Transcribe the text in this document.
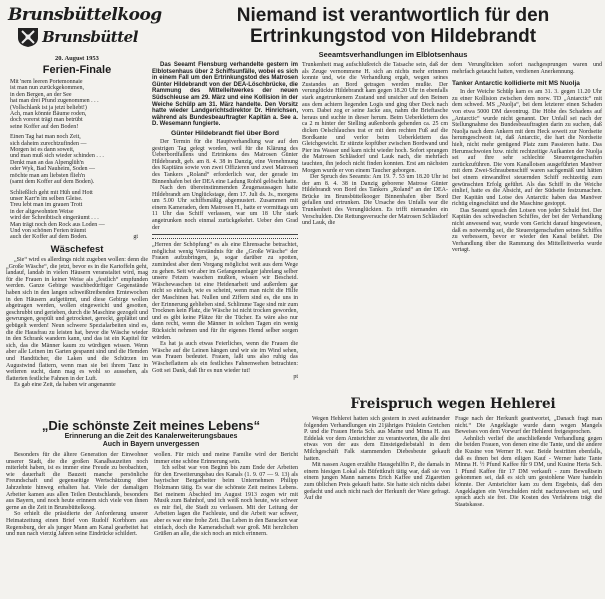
Brunsbüttelkoog
Brunsbüttel
20. August 1953
Ferien-Finale
Mit 'nem leeren Portemonnaie
ist man nun zurückgekommen,
in den Bergen, an der See
hat man drei Pfund zugenommen . . .
(Vollschlank ist ja jetzt beliebt!)
Ach, man könnte Bäume roden,
doch vorerst trägt man betrübt
seine Koffer auf den Boden!
Einen Tag hat man noch Zeit,
sich daheim zurechtzufinden —
Morgen ist es dann soweit,
und man muß sich wieder schinden . . .
Denkt man an das Alpenglüh'n
oder Wyk, Bad Nauheim, Soden —
möchte man am liebsten flieh'n
(samt dem Koffer auf dem Boden).
Schließlich geht mit Hüh und Hott
unser Karr'n im selben Gleise.
Treu lebt man im grauen Trott
in der altgewohnten Weise
wird der Schreibtisch eingeräumt . . .
Man trägt noch den Rock aus Loden —
Und von schönen Ferien träumt
auch der Koffer auf dem Boden.	gt
Wäschefest

„Sie“ wird es allerdings nicht zugeben wollen: denn die „Große Wäsche“, die jetzt, bevor es in die Kartoffeln geht, landauf, landab in vielen Häusern veranstaltet wird, mag für die Frauen in keiner Weise als „festlich“ empfunden werden. Ganze Gebirge waschbedürftiger Gegenstände haben sich in den langen schweißtreibenden Erntewochen in den Häusern aufgetürmt, und diese Gebirge wollen abgetragen werden, wollen eingeweicht und gesotten, geschrubbt und gerieben, durch die Maschine gezogelt und gewrungen, gespült und getrocknet, gereckt, geplättet und gebügelt werden! Neun schwere Spezialarbeiten sind es, die die Hausfrau zu leisten hat, bevor die Wäsche wieder in den Schrank wandern kann, und das ist ein Kapitel für sich, das die Männer kaum zu würdigen wissen. Wenn aber alle Leinen im Garten gespannt sind und die Hemden und Handtücher, die Laken und die Schürzen im Augustwind flattern, wenn man sie bei ihrem Tanz in weiteren sucht, dann mag es wohl so aussehen, als flatterten festliche Fahnen in der Luft.

Es gab eine Zeit, da haben wir angenannte

Das Seeamt Flensburg verhandelte gestern im Elblotsenhaus über 2 Schiffsunfälle, wobei es sich in einem Fall um den Ertrinkungstod des Matrosen Günter Hildebrandt von der DEA-Löschbrücke, die Rammung des Mittelleitwerkes der neuen Südschleuse am 29. März und eine Kollision in der Weiche Schülp am 31. März handelte. Den Vorsitz hatte wieder Landgerichtsdirektor Dr. Hinrichsen, während als Bundesbeauftragter Kapitän a. See a. D. Wesemann fungierte.
Günter Hildebrandt fiel über Bord

Der Termin für die Hauptverhandlung war auf den gestrigen Tag gelegt worden, weil für die Klärung des Ueberbordfallens und Ertrinkens des Matrosen Günter Hildebrandt, geb. am 8. 4. 38 in Danzig, eine Vernehmung des Kapitäns sowie von zwei Offizieren und zwei Matrosen des Tankers „Roland“ erforderlich war, der gerade im Binnenhafen bei der DEA eine Ladung Rohöl gelöscht hatte.

Nach den übereinstimmenden Zeugenaussagen hatte Hildebrandt am Unglückstage, dem 17. Juli ds. Js., morgens um 5.00 Uhr schiffsmäßig abgemustert. Zusammen mit einem Kameraden, dem Matrosen H., hatte er vormittags um 11 Uhr das Schiff verlassen, war um 18 Uhr stark angetrunken noch einmal zurückgekehrt. Ueber den Grad der

„Herren der Schöpfung“ es als eine Ehrensache betrachtet, möglichst wenig Verständnis für die „Große Wäsche“ der Frauen aufzubringen, ja, sogar darüber zu spotten, zumindest aber dem Vorgang möglichst weit aus dem Wege zu gehen. Seit wir aber im Gefangenenlager jahrelang selber unsere Fetzen waschen mußten, wissen wir Bescheid. Wäschewaschen ist eine Heidenarbeit und außerdem gar nicht so einfach, wie es scheint, wenn man nicht die Hilfe der Maschinen hat. Nullen und Ziffern sind es, die uns in der Erinnerung geblieben sind. Schlimme Tage sind mir zum Trocknen kein Platz, die Wäsche ist nicht trocken geworden, und es gibt keine Plätze für die Tücher. Es wäre also nur dann recht, wenn die Männer in solchen Tagen ein wenig Rücksicht nehmen und für ihr eigenes Hemd selber sorgen würden.

Es hat ja auch etwas Feierliches, wenn die Frauen die Wäsche auf die Leinen hängen und wir sie im Wind sehen, was Frauen bedeutet. Frauen, laßt uns also ruhig das Wäscheflattern als ein festliches Fahnenwehen betrachten: Gott sei Dank, daß Ihr es nun wieder tut!

pt
Niemand ist verantwortlich für den
Ertrinkungstod von Hildebrandt
Seeamtsverhandlungen im Elblotsenhaus

Trunkenheit mag aufschlußreich die Tatsache sein, daß der als Zeuge vernommene H. sich an nichts mehr erinnern konnte und, wie die Verhandlung ergab, wegen seines Zustandes an Bord getragen werden mußte. Der verunglückte Hildebrandt kam gegen 18.20 Uhr in ebenfalls stark angetrunkenem Zustand und unsicher auf den Beinen aus dem achtern liegenden Logis und ging über Deck nach vorn. Dabei zog er seine Jacke aus, nahm die Brieftasche heraus und suchte in dieser herum. Beim Ueberklettern des ca 2 m hinter der Stelling außenbords gehenden ca. 25 cm dicken Oelschlauches trat er mit dem rechten Fuß auf die Bordkante und verlor beim Ueberklettern das Gleichgewicht. Er stürzte kopfüber zwischen Bordwand und Pier ins Wasser und kam nicht wieder hoch. Sofort sprangen die Matrosen Schläsdorf und Lauk nach, die mehrfach tauchten, ihn jedoch nicht finden konnten. Erst am nächsten Morgen wurde er von einem Taucher geborgen.

Der Spruch des Seeamts: Am 19. 7. 53 um 18.20 Uhr ist der am 8. 4. 38 in Danzig geborene Matrose Günter Hildebrandt von Bord des Tankers „Roland“ an der DEA-Brücke im Brunsbüttelkooger Binnenhafen über Bord gefallen und ertrunken. Die Ursache des Unfalls war die Trunkenheit des Verunglückten. Es trifft niemanden ein Verschulden. Die Rettungsversuche der Matrosen Schläsdorf und Lauk, die

dem Verunglückten sofort nachgesprungen waren und mehrfach getaucht hatten, verdienen Anerkennung.

Tanker Antarctic kollidierte mit MS Nuolja

In der Weiche Schülp kam es am 31. 3. gegen 11.20 Uhr zu einer Kollision zwischen dem norw. TD „Antarctic“ mit dem schwed. MS „Nuolja“, bei dem letzterer einen Schaden von etwa 5000 DM davontrug. Die Höhe des Schadens auf „Antarctic“ wurde nicht genannt. Der Unfall sei nach der Stellungnahme des Bundesbeauftragten darin zu suchen, daß Nuolja nach dem Ankern mit dem Heck soweit zur Nordseite herumgeschwoit ist, daß Antarctic, die hart die Nordseite hielt, nicht mehr genügend Platz zum Passieren hatte. Das Herumschwoien bzw. nicht rechtzeitige Aufkanten der Nuolja sei auf ihre sehr schlechte Steuereigenschaften zurückzuführen. Die vom Kanallotsen ausgeführten Manöver mit dem Zwei-Schraubenschiff waren sachgemäß und hätten bei einem einwandfrei steuernden Schiff rechtzeitig zum gewünschten Erfolg geführt. Als das Schiff in die Weiche einlief, hatte es die Absicht, auf der Südseite festzumachen. Der Kapitän und Lotse des Antarctic haben das Manöver richtig eingeschätzt und die Maschine gestoppt.

Das Seeamt sprach den Lotsen von jeder Schuld frei. Der Kapitän des schwedischen Schiffes, der bei der Verhandlung nicht anwesend war, wurde vom Gericht darauf hingewiesen, daß es notwendig sei, die Steuereigenschaften seines Schiffes zu verbessern, bevor er wieder den Kanal befährt. Die Verhandlung über die Rammung des Mittelleitwerks wurde vertagt.

„Die schönste Zeit meines Lebens“
Erinnerung an die Zeit des Kanalerweiterungsbaues
Auch in Bayern unvergessen

Besonders für die ältere Generation der Einwohner unserer Stadt, die die großen Kanalbauzeiten noch miterlebt haben, ist es immer eine Freude zu beobachten, wie dauerhaft die Bauzeit manche persönliche Freundschaft und gegenseitige Wertschätzung über Jahrzehnte hinweg erhalten hat. Viele der damaligen Arbeiter kamen aus allen Teilen Deutschlands, besonders aus Bayern, und noch heute erinnern sich viele von ihnen gerne an die Zeit in Brunsbüttelkoog.

So erhielt die präsidierte der Anforderung unserer Heimatzeitung einen Brief von Rudolf Korbhorn aus Regensburg, der als junger Mann am Kanal gearbeitet hat und nun nach vierzig Jahren seine Eindrücke schildert.

wollen. Für mich und meine Familie wird der Bericht immer eine schöne Erinnerung sein.

Ich selbst war von Beginn bis zum Ende der Arbeiten für den Erweiterungsbau des Kanals (1. 9. 07 — 9. 13) als bayrischer Bergarbeiter beim Unternehmen Philipp Holzmann tätig. Es war die schönste Zeit meines Lebens. Bei meinem Abschied im August 1913 zogen wir mit Musik zum Bahnhof, und ich weiß noch heute, wie schwer es mir fiel, die Stadt zu verlassen. Mit der Leitung der Arbeiten lagen die Fachleute, und die Arbeit war schwer, aber es war eine frohe Zeit. Das Leben in den Baracken war einfach, doch die Kameradschaft war groß. Mit herzlichen Grüßen an alle, die sich noch an mich erinnern.

Freispruch wegen Hehlerei

Wegen Hehlerei hatten sich gestern in zwei aufeinander folgenden Verhandlungen ein 21jähriges Fräulein Gretchen P. und die Frauen Herta Sch. aus Marne und Minna H. aus Eddelak vor dem Amtsrichter zu verantworten, die alle drei etwas von der aus dem Einsteigediebstahl in dem Milchgeschäft Falk stammenden Diebesbeute gekauft hatten.

Mit nassen Augen erzählte Hausgehilfin P., die damals in einem hiesigen Lokal als Büfettkraft tätig war, daß sie von einem jungen Mann namens Erich Kaffee und Zigaretten zum üblichen Preis gekauft hatte. Sie hatte sich nichts dabei gedacht und auch nicht nach der Herkunft der Ware gefragt. Auf die

Frage nach der Herkunft geantwortet, „Danach fragt man nicht.“ Die Angeklagte wurde dann wegen Mangels Beweises von dem Vorwurf der Hehlerei freigesprochen.

Aehnlich verlief die anschließende Verhandlung gegen die beiden Frauen, von denen eine die Tante, und die andere die Kusine von Werner H. war. Beide bestritten ebenfalls, daß es ihnen bei dem eiligen Kauf - Werner hatte Tante Minna H. ½ Pfund Kaffee für 9 DM, und Kusine Herta Sch. 1 Pfund Kaffee für 17 DM verkauft - zum Bewußtsein gekommen sei, daß es sich um gestohlene Ware handeln könnte. Der Amtsrichter kam zu dem Ergebnis, daß den Angeklagten ein Verschulden nicht nachzuweisen sei, und sprach auch sie frei. Die Kosten des Verfahrens trägt die Staatskasse.
